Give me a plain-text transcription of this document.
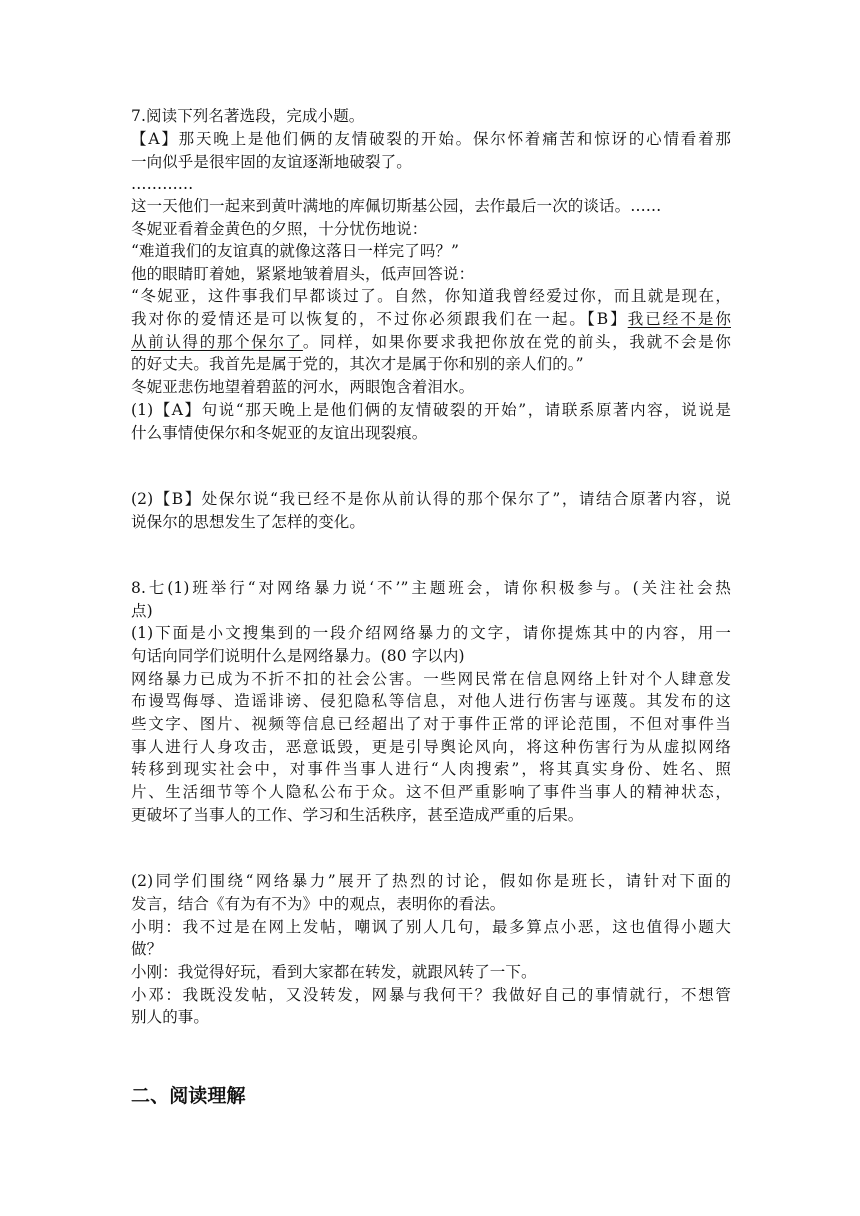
7.阅读下列名著选段，完成小题。
【A】那天晚上是他们俩的友情破裂的开始。保尔怀着痛苦和惊讶的心情看着那
一向似乎是很牢固的友谊逐渐地破裂了。
…………
这一天他们一起来到黄叶满地的库佩切斯基公园，去作最后一次的谈话。……
冬妮亚看着金黄色的夕照，十分忧伤地说：
“难道我们的友谊真的就像这落日一样完了吗？”
他的眼睛盯着她，紧紧地皱着眉头，低声回答说：
“冬妮亚，这件事我们早都谈过了。自然，你知道我曾经爱过你，而且就是现在，
我对你的爱情还是可以恢复的，不过你必须跟我们在一起。【B】我已经不是你
从前认得的那个保尔了。同样，如果你要求我把你放在党的前头，我就不会是你
的好丈夫。我首先是属于党的，其次才是属于你和别的亲人们的。”
冬妮亚悲伤地望着碧蓝的河水，两眼饱含着泪水。
(1)【A】句说“那天晚上是他们俩的友情破裂的开始”，请联系原著内容，说说是
什么事情使保尔和冬妮亚的友谊出现裂痕。
(2)【B】处保尔说“我已经不是你从前认得的那个保尔了”，请结合原著内容，说
说保尔的思想发生了怎样的变化。
8.七(1)班举行“对网络暴力说‘不’”主题班会，请你积极参与。(关注社会热
点)
(1)下面是小文搜集到的一段介绍网络暴力的文字，请你提炼其中的内容，用一
句话向同学们说明什么是网络暴力。(80 字以内)
网络暴力已成为不折不扣的社会公害。一些网民常在信息网络上针对个人肆意发
布谩骂侮辱、造谣诽谤、侵犯隐私等信息，对他人进行伤害与诬蔑。其发布的这
些文字、图片、视频等信息已经超出了对于事件正常的评论范围，不但对事件当
事人进行人身攻击，恶意诋毁，更是引导舆论风向，将这种伤害行为从虚拟网络
转移到现实社会中，对事件当事人进行“人肉搜索”，将其真实身份、姓名、照
片、生活细节等个人隐私公布于众。这不但严重影响了事件当事人的精神状态，
更破坏了当事人的工作、学习和生活秩序，甚至造成严重的后果。
(2)同学们围绕“网络暴力”展开了热烈的讨论，假如你是班长，请针对下面的
发言，结合《有为有不为》中的观点，表明你的看法。
小明：我不过是在网上发帖，嘲讽了别人几句，最多算点小恶，这也值得小题大
做？
小刚：我觉得好玩，看到大家都在转发，就跟风转了一下。
小邓：我既没发帖，又没转发，网暴与我何干？我做好自己的事情就行，不想管
别人的事。
二、阅读理解
